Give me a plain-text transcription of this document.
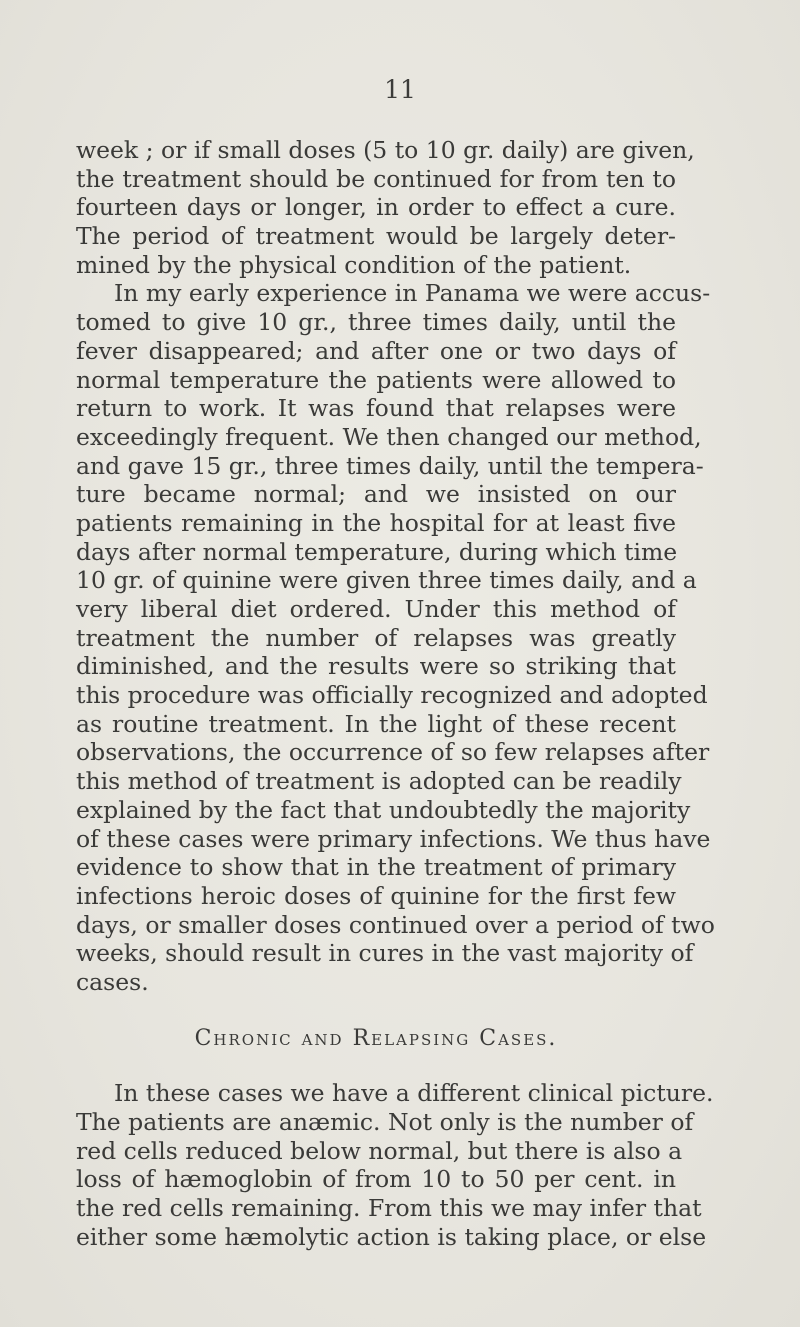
11
week ; or if small doses (5 to 10 gr. daily) are given,
the treatment should be continued for from ten to
fourteen days or longer, in order to effect a cure.
The period of treatment would be largely deter-
mined by the physical condition of the patient.
In my early experience in Panama we were accus-
tomed to give 10 gr., three times daily, until the
fever disappeared; and after one or two days of
normal temperature the patients were allowed to
return to work. It was found that relapses were
exceedingly frequent. We then changed our method,
and gave 15 gr., three times daily, until the tempera-
ture became normal; and we insisted on our
patients remaining in the hospital for at least five
days after normal temperature, during which time
10 gr. of quinine were given three times daily, and a
very liberal diet ordered. Under this method of
treatment the number of relapses was greatly
diminished, and the results were so striking that
this procedure was officially recognized and adopted
as routine treatment. In the light of these recent
observations, the occurrence of so few relapses after
this method of treatment is adopted can be readily
explained by the fact that undoubtedly the majority
of these cases were primary infections. We thus have
evidence to show that in the treatment of primary
infections heroic doses of quinine for the first few
days, or smaller doses continued over a period of two
weeks, should result in cures in the vast majority of
cases.
Chronic and Relapsing Cases.
In these cases we have a different clinical picture.
The patients are anæmic. Not only is the number of
red cells reduced below normal, but there is also a
loss of hæmoglobin of from 10 to 50 per cent. in
the red cells remaining. From this we may infer that
either some hæmolytic action is taking place, or else
